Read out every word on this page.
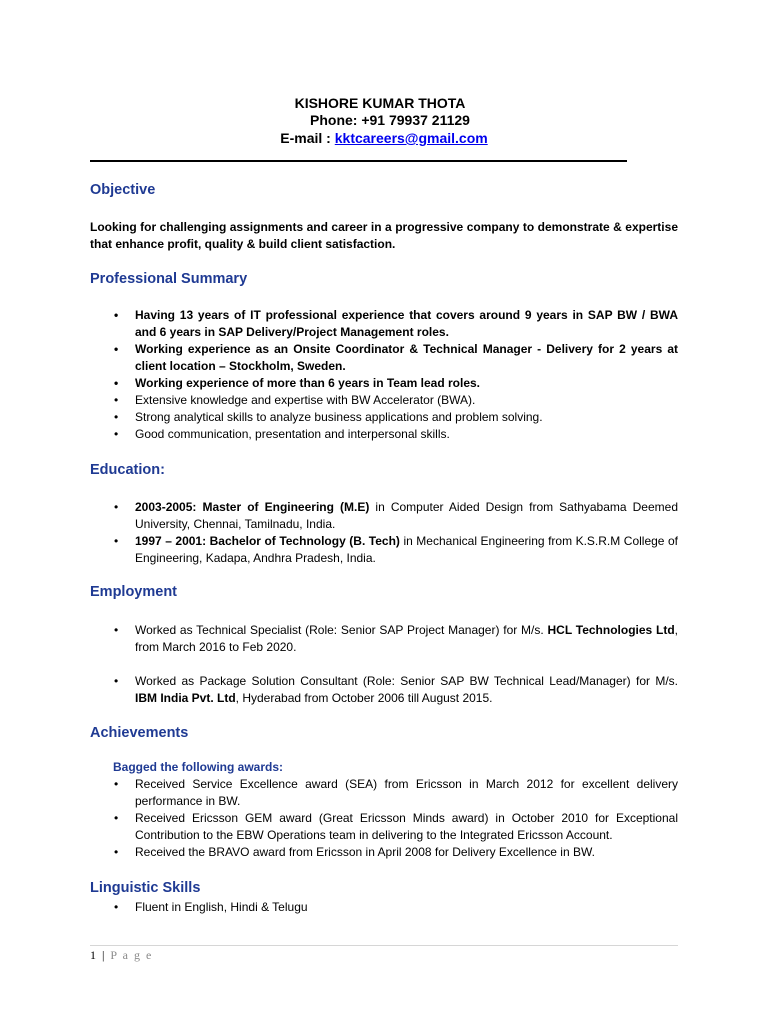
KISHORE KUMAR THOTA
Phone: +91 79937 21129
E-mail : kktcareers@gmail.com
Objective

Looking for challenging assignments and career in a progressive company to demonstrate & expertise that enhance profit, quality & build client satisfaction.

Professional Summary
• Having 13 years of IT professional experience that covers around 9 years in SAP BW / BWA and 6 years in SAP Delivery/Project Management roles.
• Working experience as an Onsite Coordinator & Technical Manager - Delivery for 2 years at client location – Stockholm, Sweden.
• Working experience of more than 6 years in Team lead roles.
• Extensive knowledge and expertise with BW Accelerator (BWA).
• Strong analytical skills to analyze business applications and problem solving.
• Good communication, presentation and interpersonal skills.
Education:
• 2003-2005: Master of Engineering (M.E) in Computer Aided Design from Sathyabama Deemed University, Chennai, Tamilnadu, India.
• 1997 – 2001: Bachelor of Technology (B. Tech) in Mechanical Engineering from K.S.R.M College of Engineering, Kadapa, Andhra Pradesh, India.
Employment
• Worked as Technical Specialist (Role: Senior SAP Project Manager) for M/s. HCL Technologies Ltd, from March 2016 to Feb 2020.
• Worked as Package Solution Consultant (Role: Senior SAP BW Technical Lead/Manager) for M/s. IBM India Pvt. Ltd, Hyderabad from October 2006 till August 2015.
Achievements
Bagged the following awards:
• Received Service Excellence award (SEA) from Ericsson in March 2012 for excellent delivery performance in BW.
• Received Ericsson GEM award (Great Ericsson Minds award) in October 2010 for Exceptional Contribution to the EBW Operations team in delivering to the Integrated Ericsson Account.
• Received the BRAVO award from Ericsson in April 2008 for Delivery Excellence in BW.
Linguistic Skills
• Fluent in English, Hindi & Telugu
1 | P a g e
